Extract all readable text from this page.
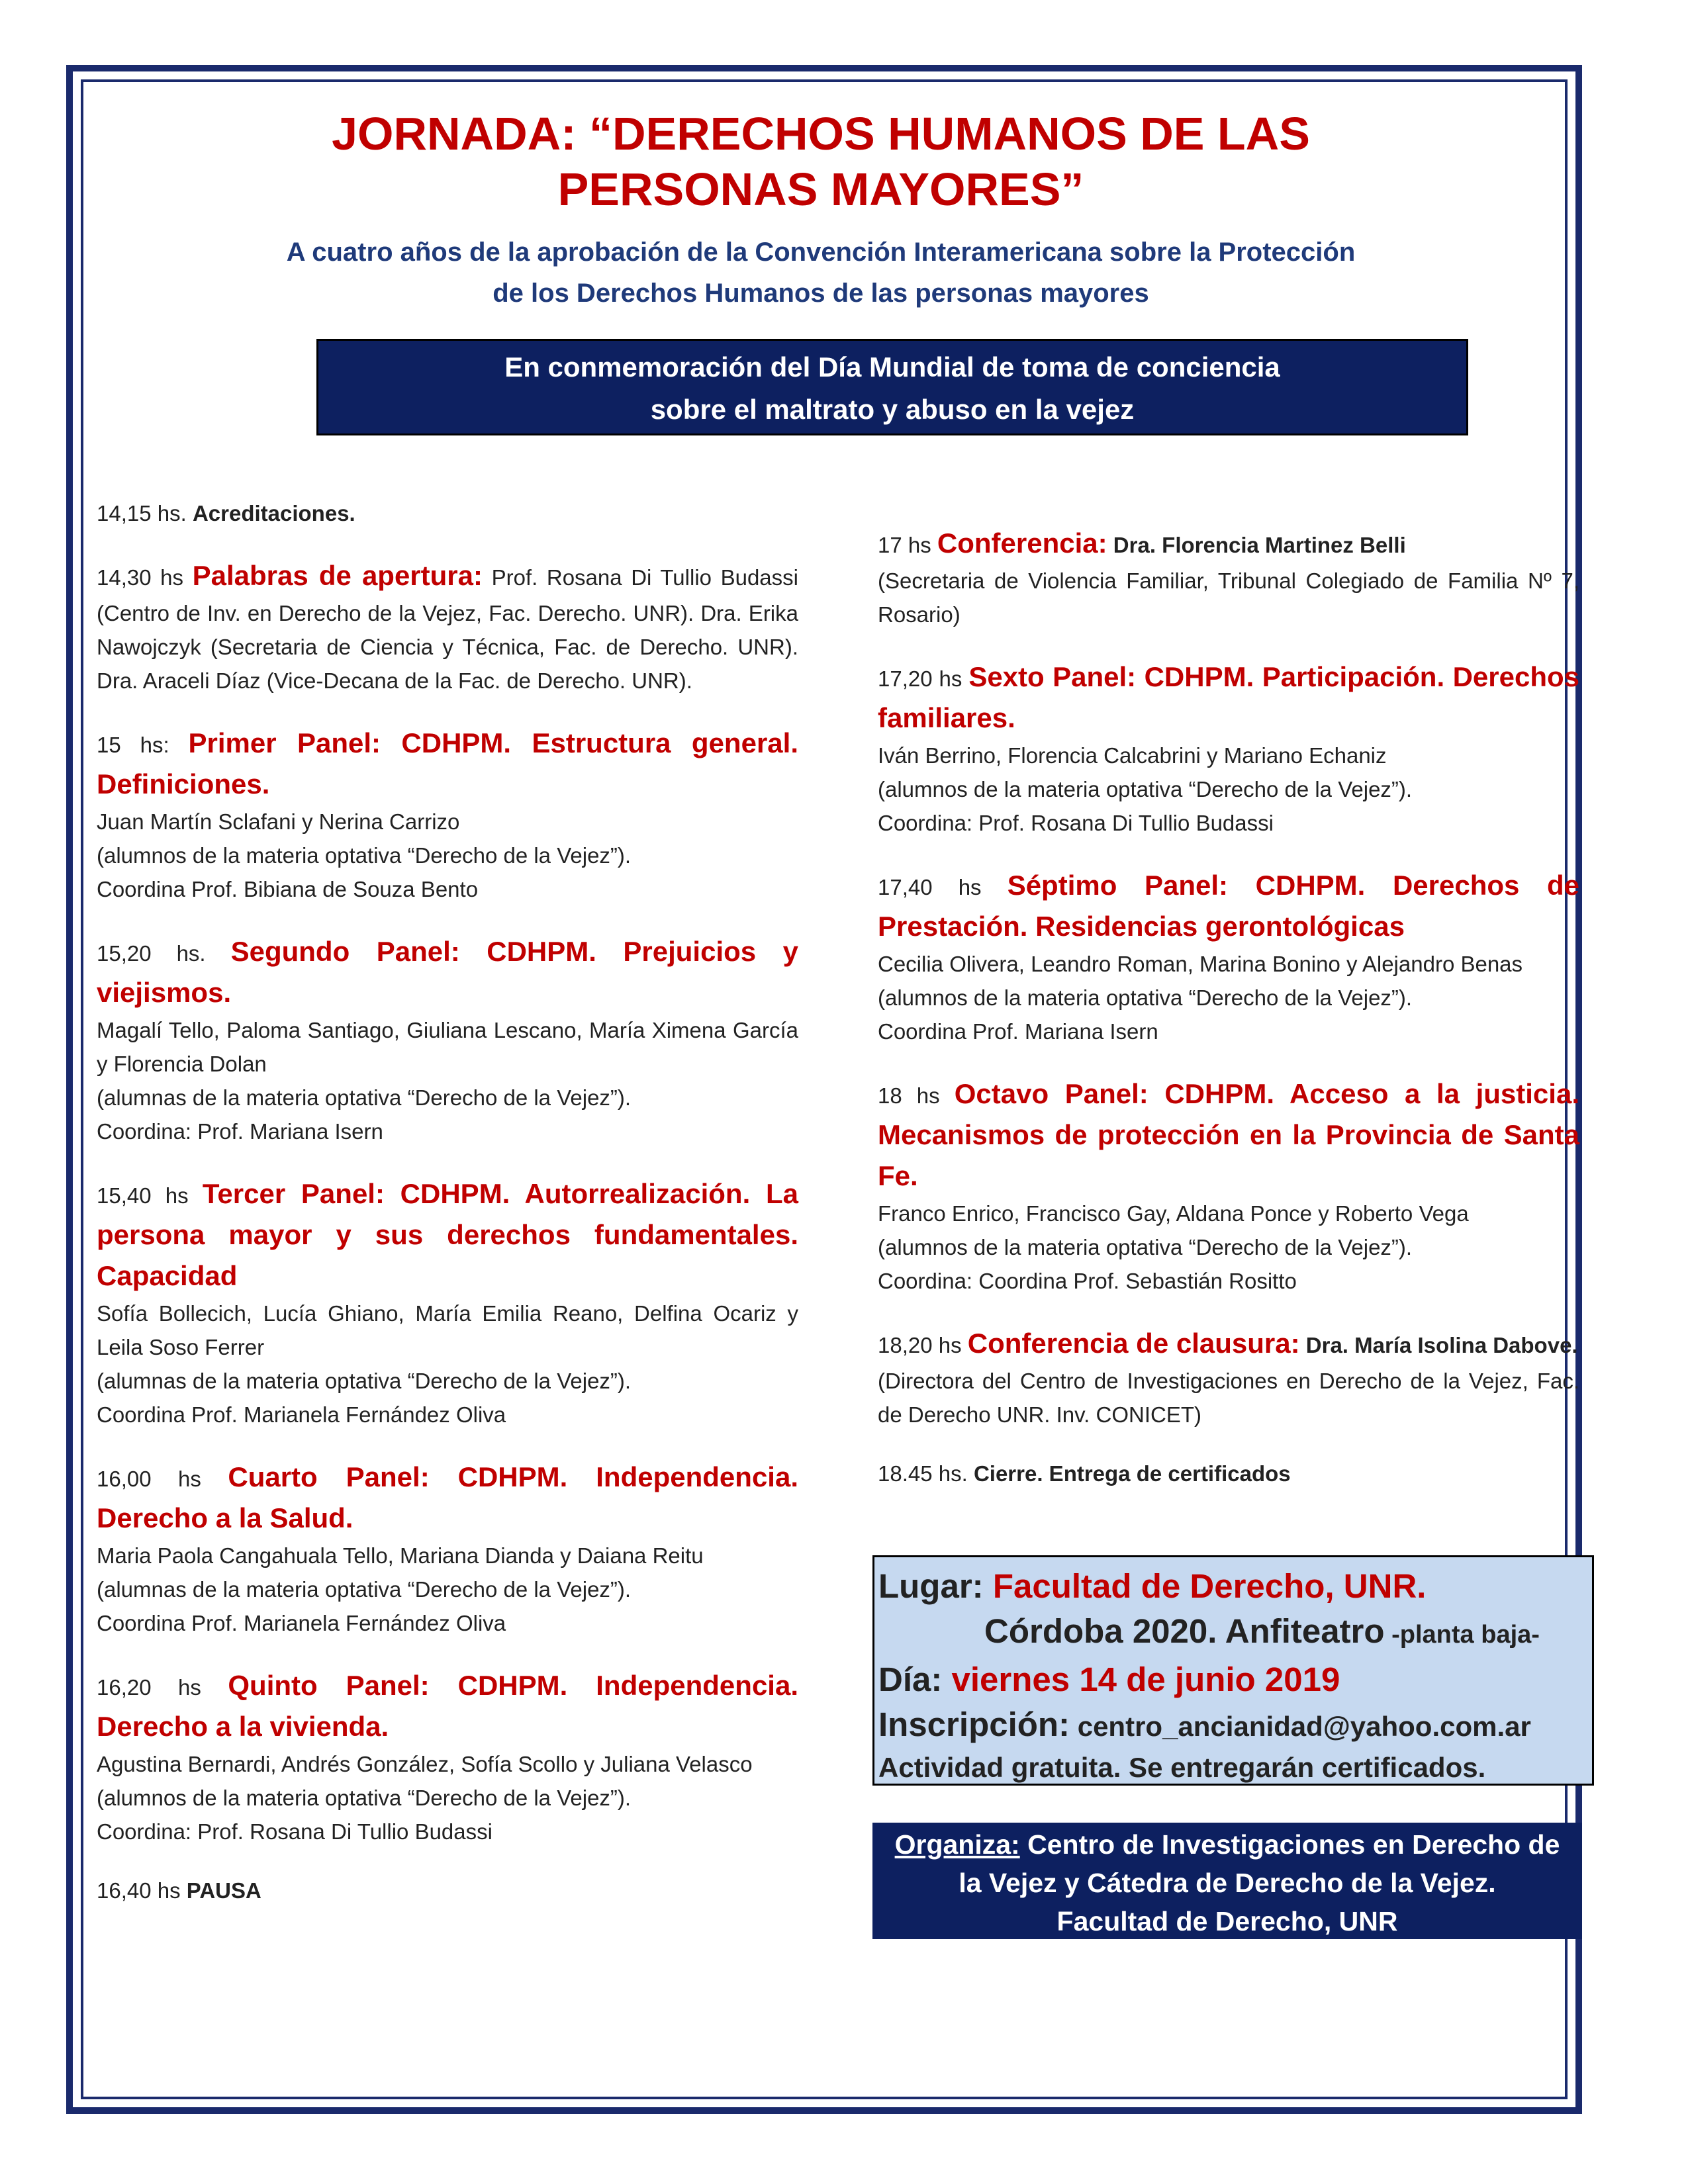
JORNADA: “DERECHOS HUMANOS DE LAS
PERSONAS MAYORES”
A cuatro años de la aprobación de la Convención Interamericana sobre la Protección
de los Derechos Humanos de las personas mayores
En conmemoración del Día Mundial de toma de conciencia
sobre el maltrato y abuso en la vejez
14,15 hs. Acreditaciones.
14,30 hs Palabras de apertura: Prof. Rosana Di Tullio Budassi (Centro de Inv. en Derecho de la Vejez, Fac. Derecho. UNR). Dra. Erika Nawojczyk (Secretaria de Ciencia y Técnica, Fac. de Derecho. UNR). Dra. Araceli Díaz (Vice-Decana de la Fac. de Derecho. UNR).
15 hs: Primer Panel: CDHPM. Estructura general. Definiciones.
Juan Martín Sclafani y Nerina Carrizo
(alumnos de la materia optativa “Derecho de la Vejez”).
Coordina Prof. Bibiana de Souza Bento
15,20 hs. Segundo Panel: CDHPM. Prejuicios y viejismos.
Magalí Tello, Paloma Santiago, Giuliana Lescano, María Ximena García y Florencia Dolan
(alumnas de la materia optativa “Derecho de la Vejez”).
Coordina: Prof. Mariana Isern
15,40 hs Tercer Panel: CDHPM. Autorrealización. La persona mayor y sus derechos fundamentales. Capacidad
Sofía Bollecich, Lucía Ghiano, María Emilia Reano, Delfina Ocariz y Leila Soso Ferrer
(alumnas de la materia optativa “Derecho de la Vejez”).
Coordina Prof. Marianela Fernández Oliva
16,00 hs Cuarto Panel: CDHPM. Independencia. Derecho a la Salud.
Maria Paola Cangahuala Tello, Mariana Dianda y Daiana Reitu
(alumnas de la materia optativa “Derecho de la Vejez”).
Coordina Prof. Marianela Fernández Oliva
16,20 hs Quinto Panel: CDHPM. Independencia. Derecho a la vivienda.
Agustina Bernardi, Andrés González, Sofía Scollo y Juliana Velasco
(alumnos de la materia optativa “Derecho de la Vejez”).
Coordina: Prof. Rosana Di Tullio Budassi
16,40 hs PAUSA
17 hs Conferencia: Dra. Florencia Martinez Belli
(Secretaria de Violencia Familiar, Tribunal Colegiado de Familia Nº 7, Rosario)
17,20 hs Sexto Panel: CDHPM. Participación. Derechos familiares.
Iván Berrino, Florencia Calcabrini y Mariano Echaniz
(alumnos de la materia optativa “Derecho de la Vejez”).
Coordina: Prof. Rosana Di Tullio Budassi
17,40 hs Séptimo Panel: CDHPM. Derechos de Prestación. Residencias gerontológicas
Cecilia Olivera, Leandro Roman, Marina Bonino y Alejandro Benas
(alumnos de la materia optativa “Derecho de la Vejez”).
Coordina Prof. Mariana Isern
18 hs Octavo Panel: CDHPM. Acceso a la justicia. Mecanismos de protección en la Provincia de Santa Fe.
Franco Enrico, Francisco Gay, Aldana Ponce y Roberto Vega
(alumnos de la materia optativa “Derecho de la Vejez”).
Coordina: Coordina Prof. Sebastián Rositto
18,20 hs Conferencia de clausura: Dra. María Isolina Dabove.
(Directora del Centro de Investigaciones en Derecho de la Vejez, Fac. de Derecho UNR. Inv. CONICET)
18.45 hs. Cierre. Entrega de certificados
Lugar: Facultad de Derecho, UNR.
Córdoba 2020. Anfiteatro -planta baja-
Día: viernes 14 de junio 2019
Inscripción: centro_ancianidad@yahoo.com.ar
Actividad gratuita. Se entregarán certificados.
Organiza: Centro de Investigaciones en Derecho de
la Vejez y Cátedra de Derecho de la Vejez.
Facultad de Derecho, UNR
